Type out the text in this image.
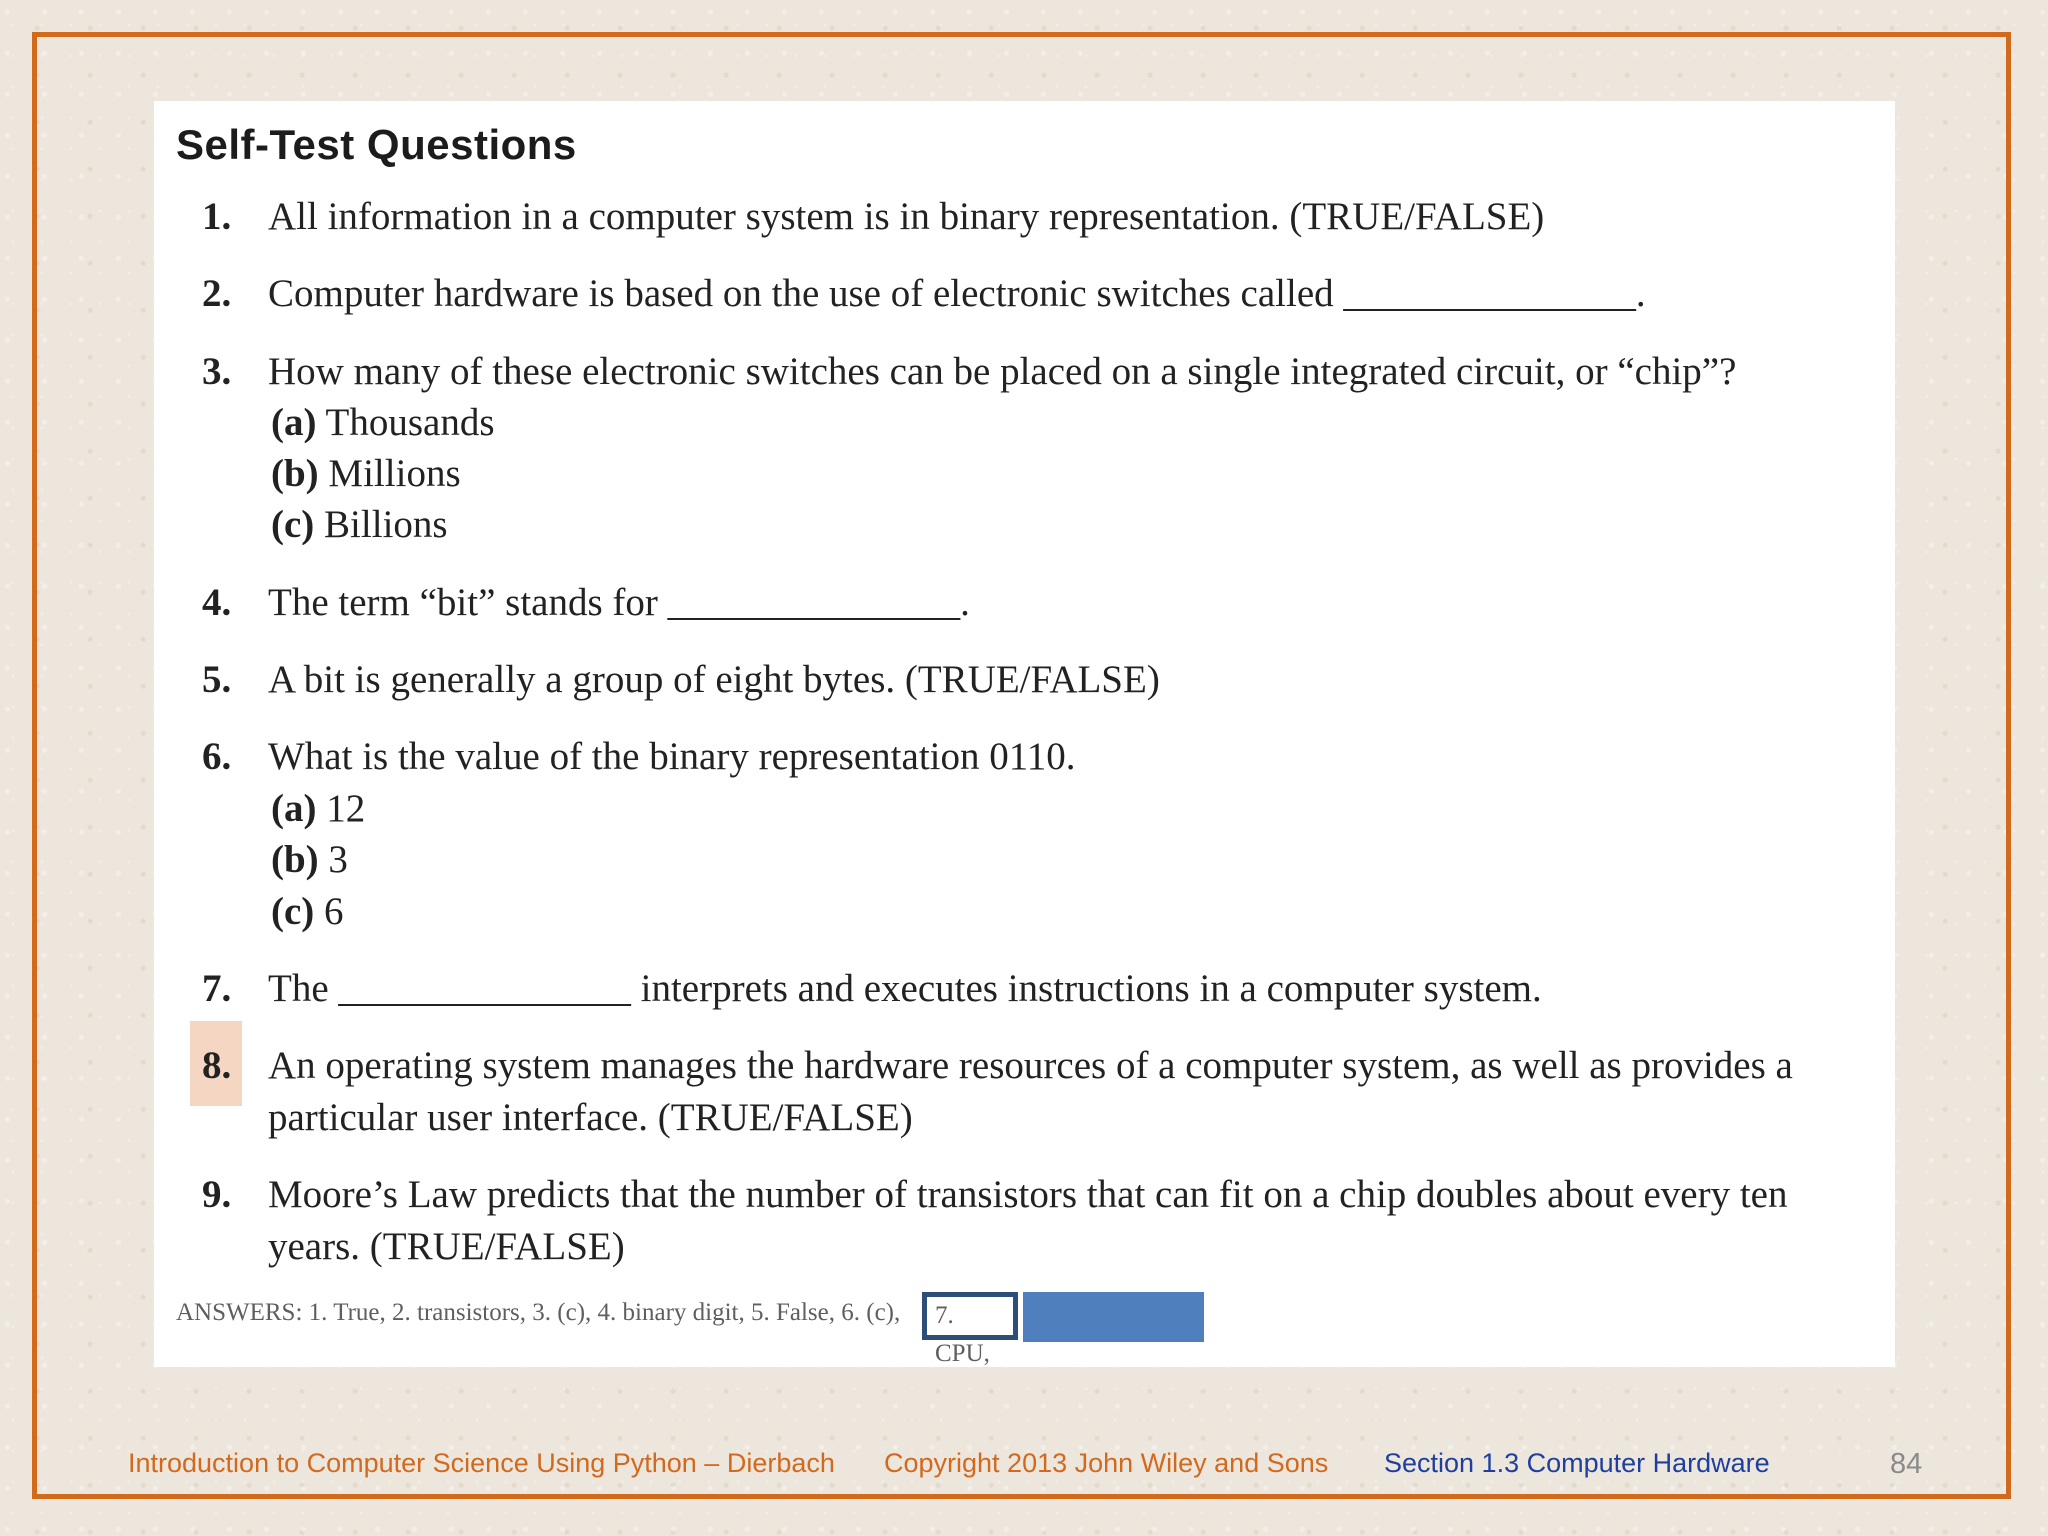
Self-Test Questions
1. All information in a computer system is in binary representation. (TRUE/FALSE)
2. Computer hardware is based on the use of electronic switches called _______________.
3. How many of these electronic switches can be placed on a single integrated circuit, or “chip”?
(a) Thousands
(b) Millions
(c) Billions
4. The term “bit” stands for _______________.
5. A bit is generally a group of eight bytes. (TRUE/FALSE)
6. What is the value of the binary representation 0110.
(a) 12
(b) 3
(c) 6
7. The _______________ interprets and executes instructions in a computer system.
8. An operating system manages the hardware resources of a computer system, as well as provides a particular user interface. (TRUE/FALSE)
9. Moore’s Law predicts that the number of transistors that can fit on a chip doubles about every ten years. (TRUE/FALSE)
ANSWERS: 1. True, 2. transistors, 3. (c), 4. binary digit, 5. False, 6. (c),	7. CPU,
Introduction to Computer Science Using Python – Dierbach Copyright 2013 John Wiley and Sons Section 1.3 Computer Hardware	84
